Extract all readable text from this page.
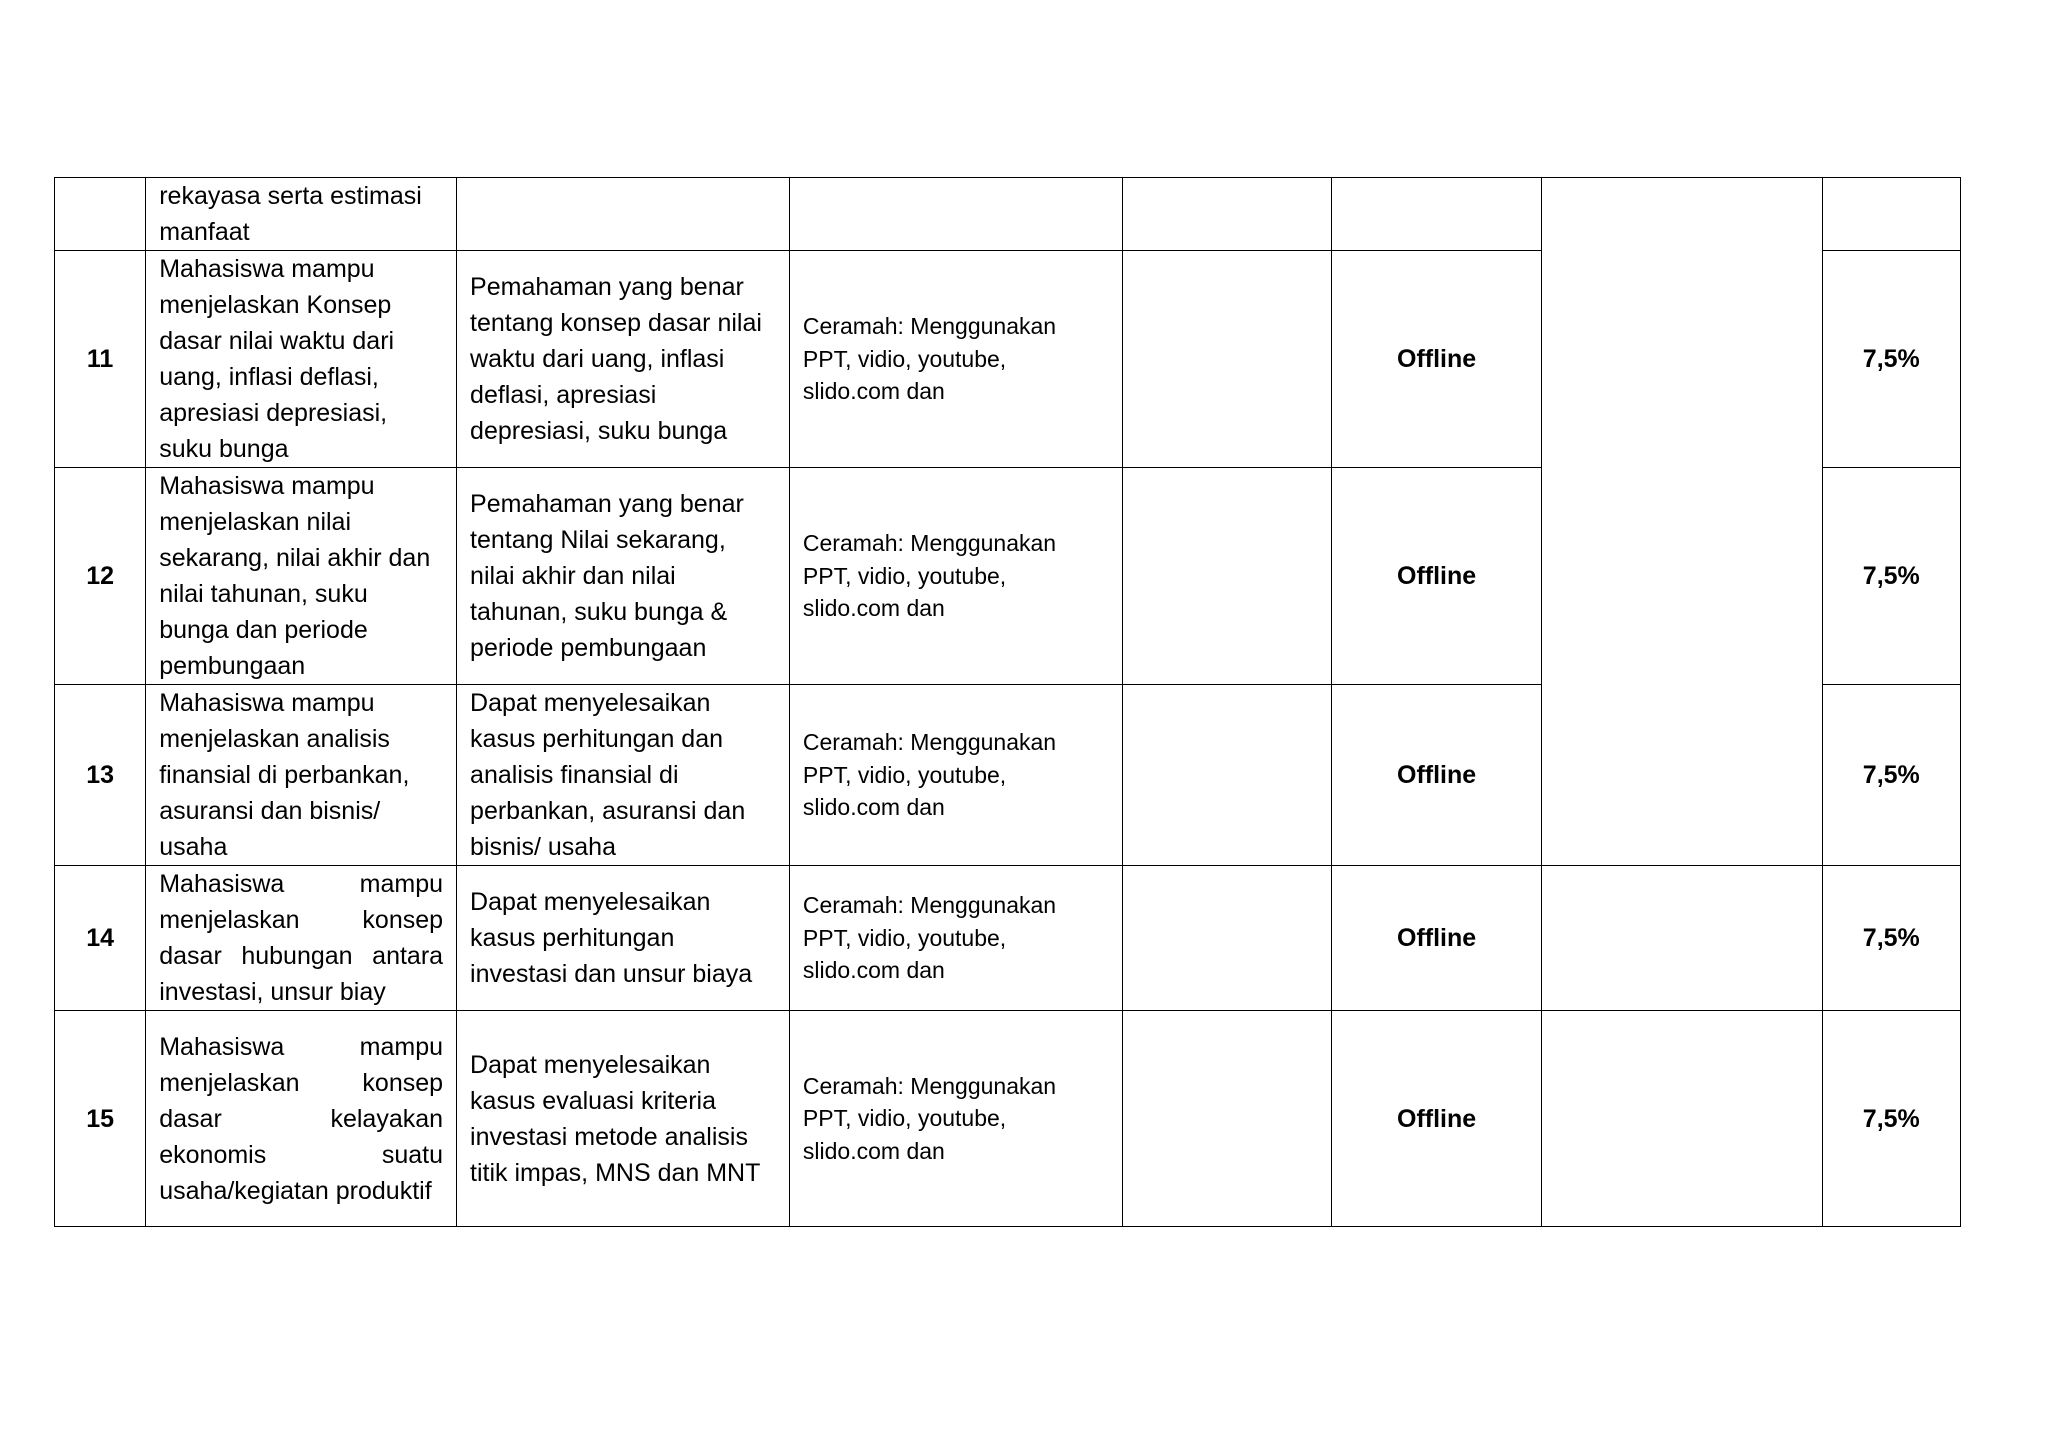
	rekayasa serta estimasi manfaat						
11	Mahasiswa mampu menjelaskan Konsep dasar nilai waktu dari uang, inflasi deflasi, apresiasi depresiasi, suku bunga	Pemahaman yang benar tentang konsep dasar nilai waktu dari uang, inflasi deflasi, apresiasi depresiasi, suku bunga	Ceramah: Menggunakan PPT, vidio, youtube, slido.com dan		Offline		7,5%
12	Mahasiswa mampu menjelaskan nilai sekarang, nilai akhir dan nilai tahunan, suku bunga dan periode pembungaan	Pemahaman yang benar tentang Nilai sekarang, nilai akhir dan nilai tahunan, suku bunga & periode pembungaan	Ceramah: Menggunakan PPT, vidio, youtube, slido.com dan		Offline		7,5%
13	Mahasiswa mampu menjelaskan analisis finansial di perbankan, asuransi dan bisnis/ usaha	Dapat menyelesaikan kasus perhitungan dan analisis finansial di perbankan, asuransi dan bisnis/ usaha	Ceramah: Menggunakan PPT, vidio, youtube, slido.com dan		Offline		7,5%
14	Mahasiswa mampu menjelaskan konsep dasar hubungan antara investasi, unsur biay	Dapat menyelesaikan kasus perhitungan investasi dan unsur biaya	Ceramah: Menggunakan PPT, vidio, youtube, slido.com dan		Offline		7,5%
15	Mahasiswa mampu menjelaskan konsep dasar kelayakan ekonomis suatu usaha/kegiatan produktif	Dapat menyelesaikan kasus evaluasi kriteria investasi metode analisis titik impas, MNS dan MNT	Ceramah: Menggunakan PPT, vidio, youtube, slido.com dan		Offline		7,5%
